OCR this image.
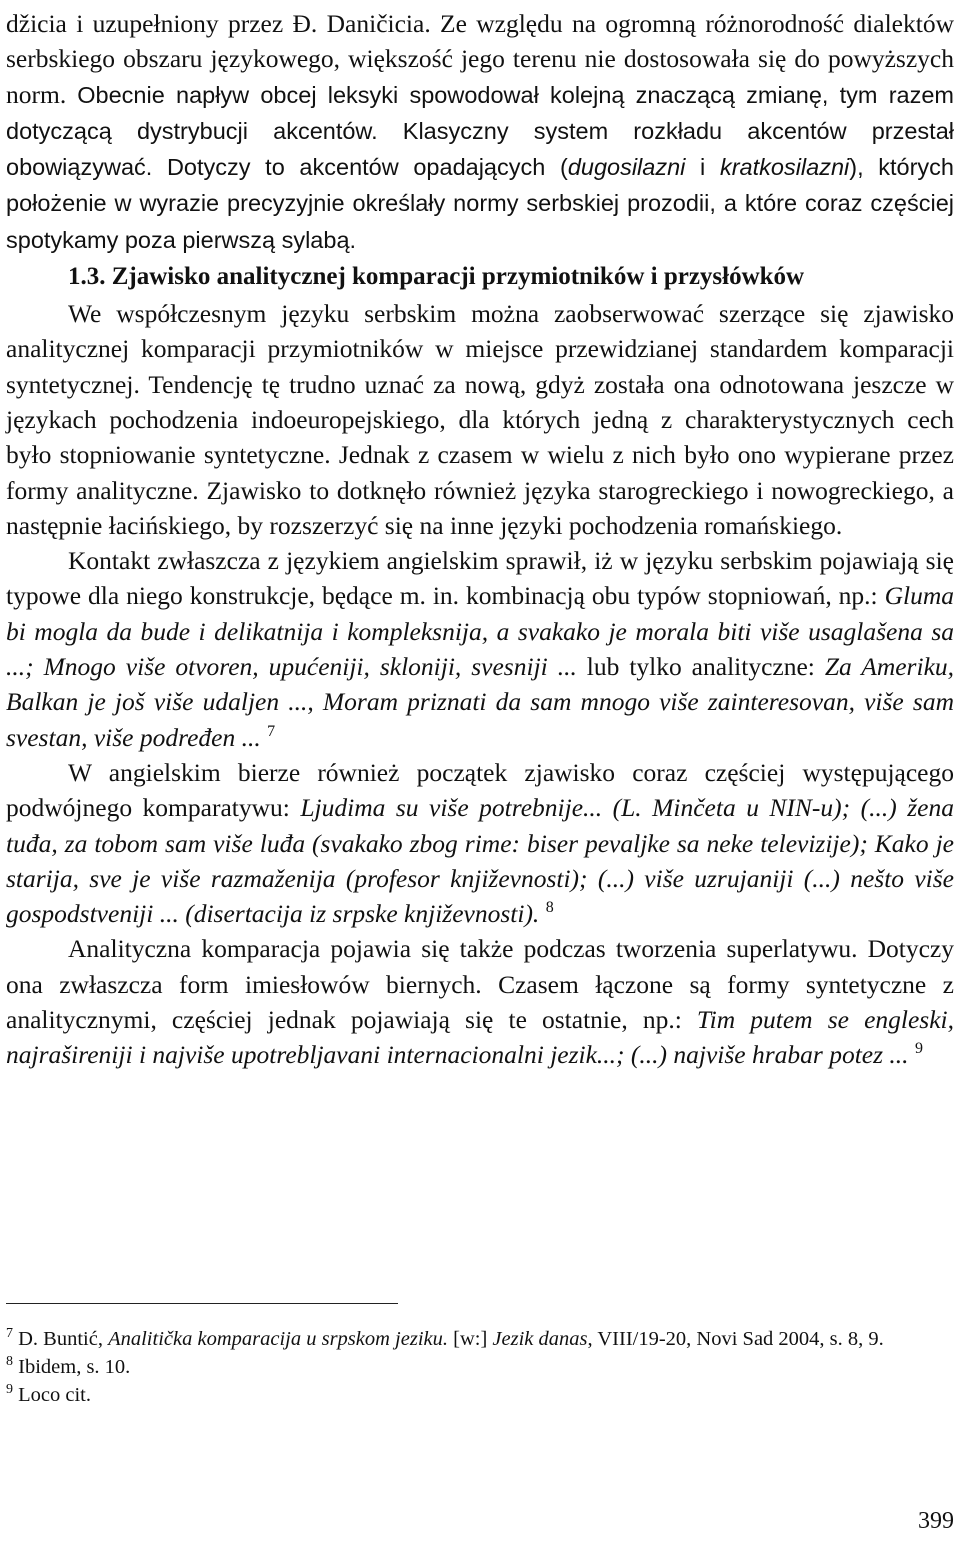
džicia i uzupełniony przez Đ. Daničicia. Ze względu na ogromną różnorodność dialektów serbskiego obszaru językowego, większość jego terenu nie dostosowała się do powyższych norm. Obecnie napływ obcej leksyki spowodował kolejną znaczącą zmianę, tym razem dotyczącą dystrybucji akcentów. Klasyczny system rozkładu akcentów przestał obowiązywać. Dotyczy to akcentów opadających (dugosilazni i kratkosilazni), których położenie w wyrazie precyzyjnie określały normy serbskiej prozodii, a które coraz częściej spotykamy poza pierwszą sylabą.

1.3. Zjawisko analitycznej komparacji przymiotników i przysłówków

We współczesnym języku serbskim można zaobserwować szerzące się zjawisko analitycznej komparacji przymiotników w miejsce przewidzianej standardem komparacji syntetycznej. Tendencję tę trudno uznać za nową, gdyż została ona odnotowana jeszcze w językach pochodzenia indoeuropejskiego, dla których jedną z charakterystycznych cech było stopniowanie syntetyczne. Jednak z czasem w wielu z nich było ono wypierane przez formy analityczne. Zjawisko to dotknęło również języka starogreckiego i nowogreckiego, a następnie łacińskiego, by rozszerzyć się na inne języki pochodzenia romańskiego.

Kontakt zwłaszcza z językiem angielskim sprawił, iż w języku serbskim pojawiają się typowe dla niego konstrukcje, będące m. in. kombinacją obu typów stopniowań, np.: Gluma bi mogla da bude i delikatnija i kompleksnija, a svakako je morala biti više usaglašena sa ...; Mnogo više otvoren, upućeniji, skloniji, svesniji ... lub tylko analityczne: Za Ameriku, Balkan je još više udaljen ..., Moram priznati da sam mnogo više zainteresovan, više sam svestan, više podređen ... $^7$

W angielskim bierze również początek zjawisko coraz częściej występującego podwójnego komparatywu: Ljudima su više potrebnije... (L. Minčeta u NIN-u); (...) žena tuđa, za tobom sam više luđa (svakako zbog rime: biser pevaljke sa neke televizije); Kako je starija, sve je više razmaženija (profesor književnosti); (...) više uzrujaniji (...) nešto više gospodstveniji ... (disertacija iz srpske književnosti). $^8$

Analityczna komparacja pojawia się także podczas tworzenia superlatywu. Dotyczy ona zwłaszcza form imiesłowów biernych. Czasem łączone są formy syntetyczne z analitycznymi, częściej jednak pojawiają się te ostatnie, np.: Tim putem se engleski, najrašireniji i najviše upotrebljavani internacionalni jezik...; (...) najviše hrabar potez ... $^9$

$^7$ D. Buntić, Analitička komparacija u srpskom jeziku. [w:] Jezik danas, VIII/19-20, Novi Sad 2004, s. 8, 9.

$^8$ Ibidem, s. 10.

$^9$ Loco cit.

399
